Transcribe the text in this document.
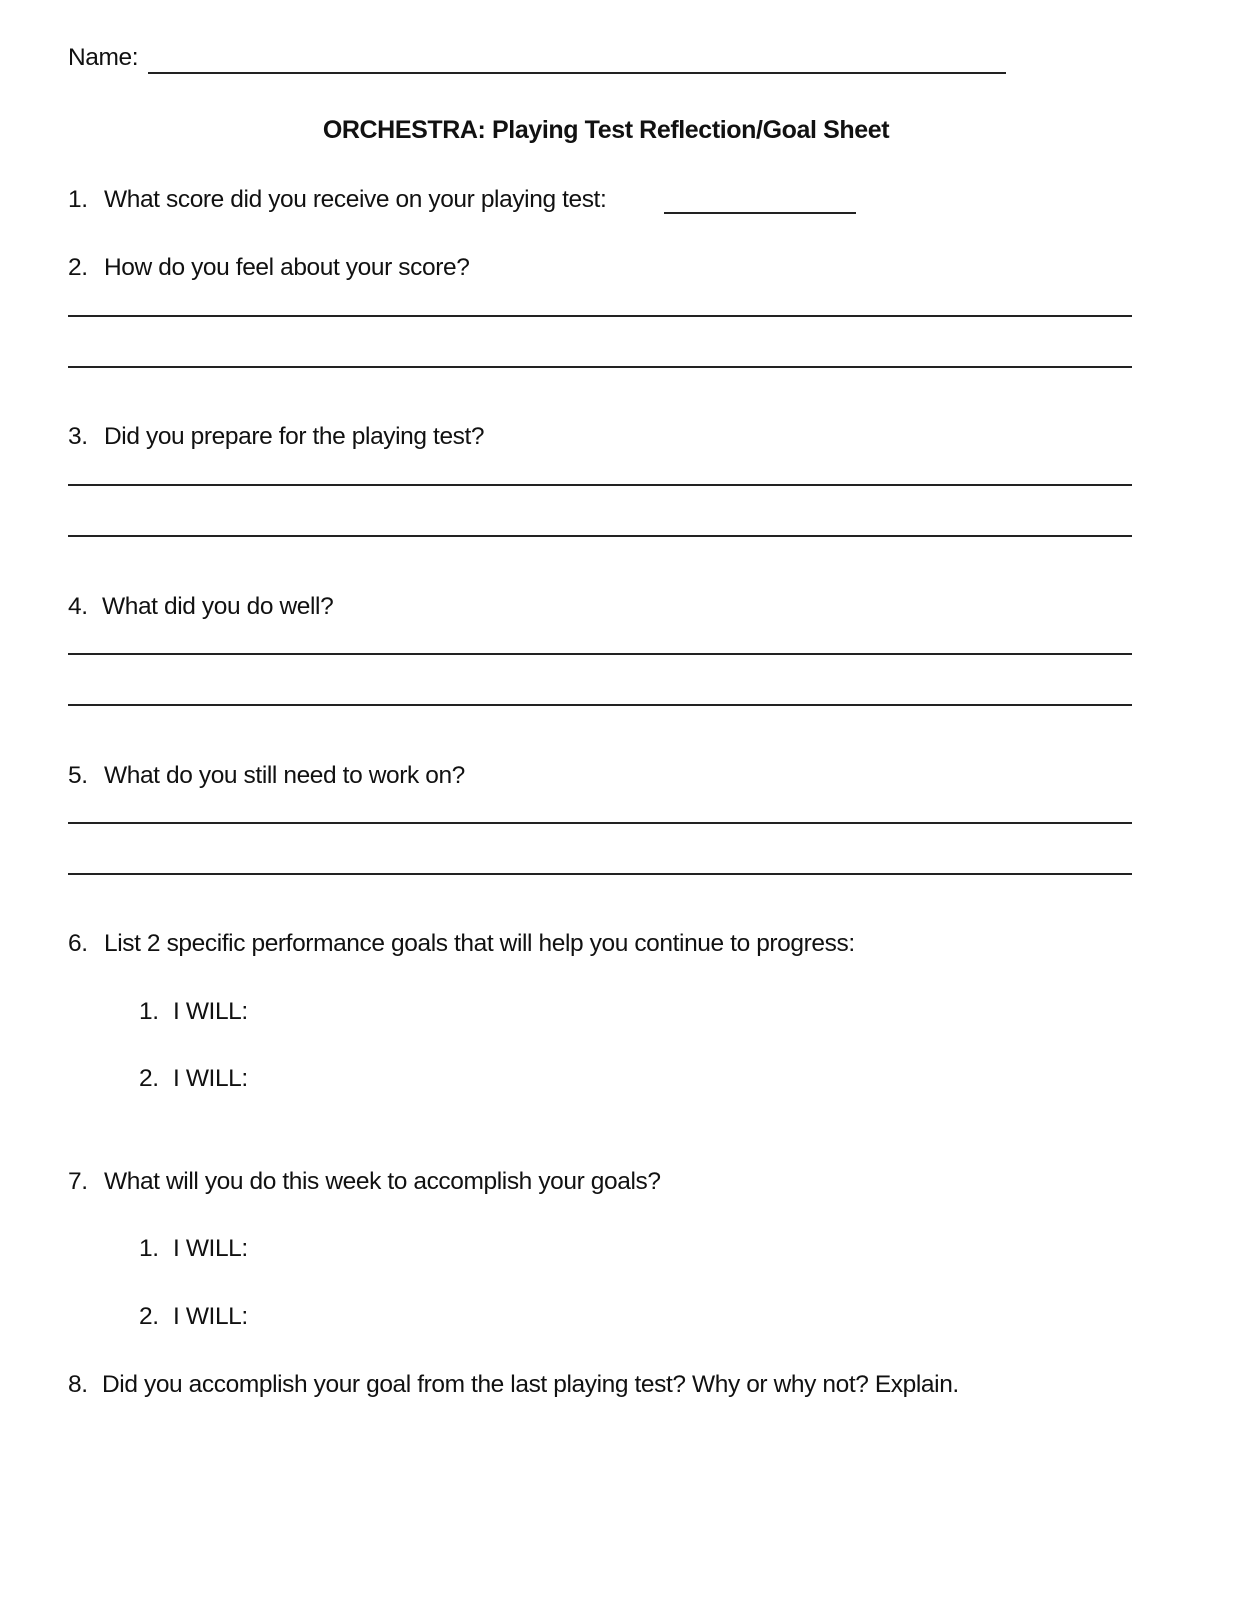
Name:
ORCHESTRA: Playing Test Reflection/Goal Sheet
1. What score did you receive on your playing test:
2. How do you feel about your score?
3. Did you prepare for the playing test?
4. What did you do well?
5. What do you still need to work on?
6. List 2 specific performance goals that will help you continue to progress:
1. I WILL:
2. I WILL:
7. What will you do this week to accomplish your goals?
1. I WILL:
2. I WILL:
8. Did you accomplish your goal from the last playing test? Why or why not? Explain.
